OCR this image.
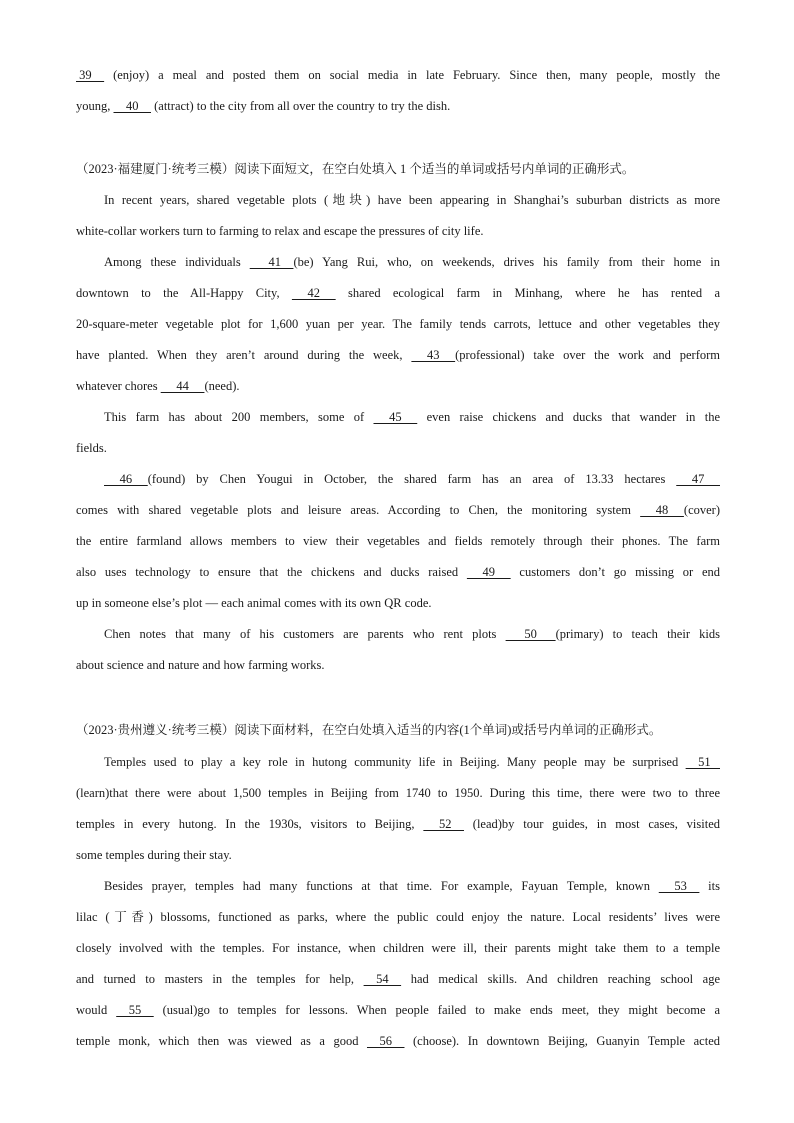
39     (enjoy) a meal and posted them on social media in late February. Since then, many people, mostly the
young,     40     (attract) to the city from all over the country to try the dish.
（2023·福建厦门·统考三模）阅读下面短文，在空白处填入 1 个适当的单词或括号内单词的正确形式。
In recent years, shared vegetable plots (地块) have been appearing in Shanghai’s suburban districts as more
white-collar workers turn to farming to relax and escape the pressures of city life.
Among these individuals       41    (be) Yang Rui, who, on weekends, drives his family from their home in
downtown to the All-Happy City,      42      shared ecological farm in Minhang, where he has rented a
20-square-meter vegetable plot for 1,600 yuan per year. The family tends carrots, lettuce and other vegetables they
have planted. When they aren’t around during the week,      43     (professional) take over the work and perform
whatever chores      44     (need).
This farm has about 200 members, some of      45      even raise chickens and ducks that wander in the
fields.
46     (found) by Chen Yougui in October, the shared farm has an area of 13.33 hectares      47
comes with shared vegetable plots and leisure areas. According to Chen, the monitoring system      48     (cover)
the entire farmland allows members to view their vegetables and fields remotely through their phones. The farm
also uses technology to ensure that the chickens and ducks raised      49      customers don’t go missing or end
up in someone else’s plot — each animal comes with its own QR code.
Chen notes that many of his customers are parents who rent plots       50      (primary) to teach their kids
about science and nature and how farming works.
（2023·贵州遵义·统考三模）阅读下面材料，在空白处填入适当的内容(1个单词)或括号内单词的正确形式。
Temples used to play a key role in hutong community life in Beijing. Many people may be surprised     51
(learn)that there were about 1,500 temples in Beijing from 1740 to 1950. During this time, there were two to three
temples in every hutong. In the 1930s, visitors to Beijing,      52     (lead)by tour guides, in most cases, visited
some temples during their stay.
Besides prayer, temples had many functions at that time. For example, Fayuan Temple, known      53     its
lilac (丁香) blossoms, functioned as parks, where the public could enjoy the nature. Local residents’ lives were
closely involved with the temples. For instance, when children were ill, their parents might take them to a temple
and turned to masters in the temples for help,     54     had medical skills. And children reaching school age
would     55     (usual)go to temples for lessons. When people failed to make ends meet, they might become a
temple monk, which then was viewed as a good     56     (choose). In downtown Beijing, Guanyin Temple acted
